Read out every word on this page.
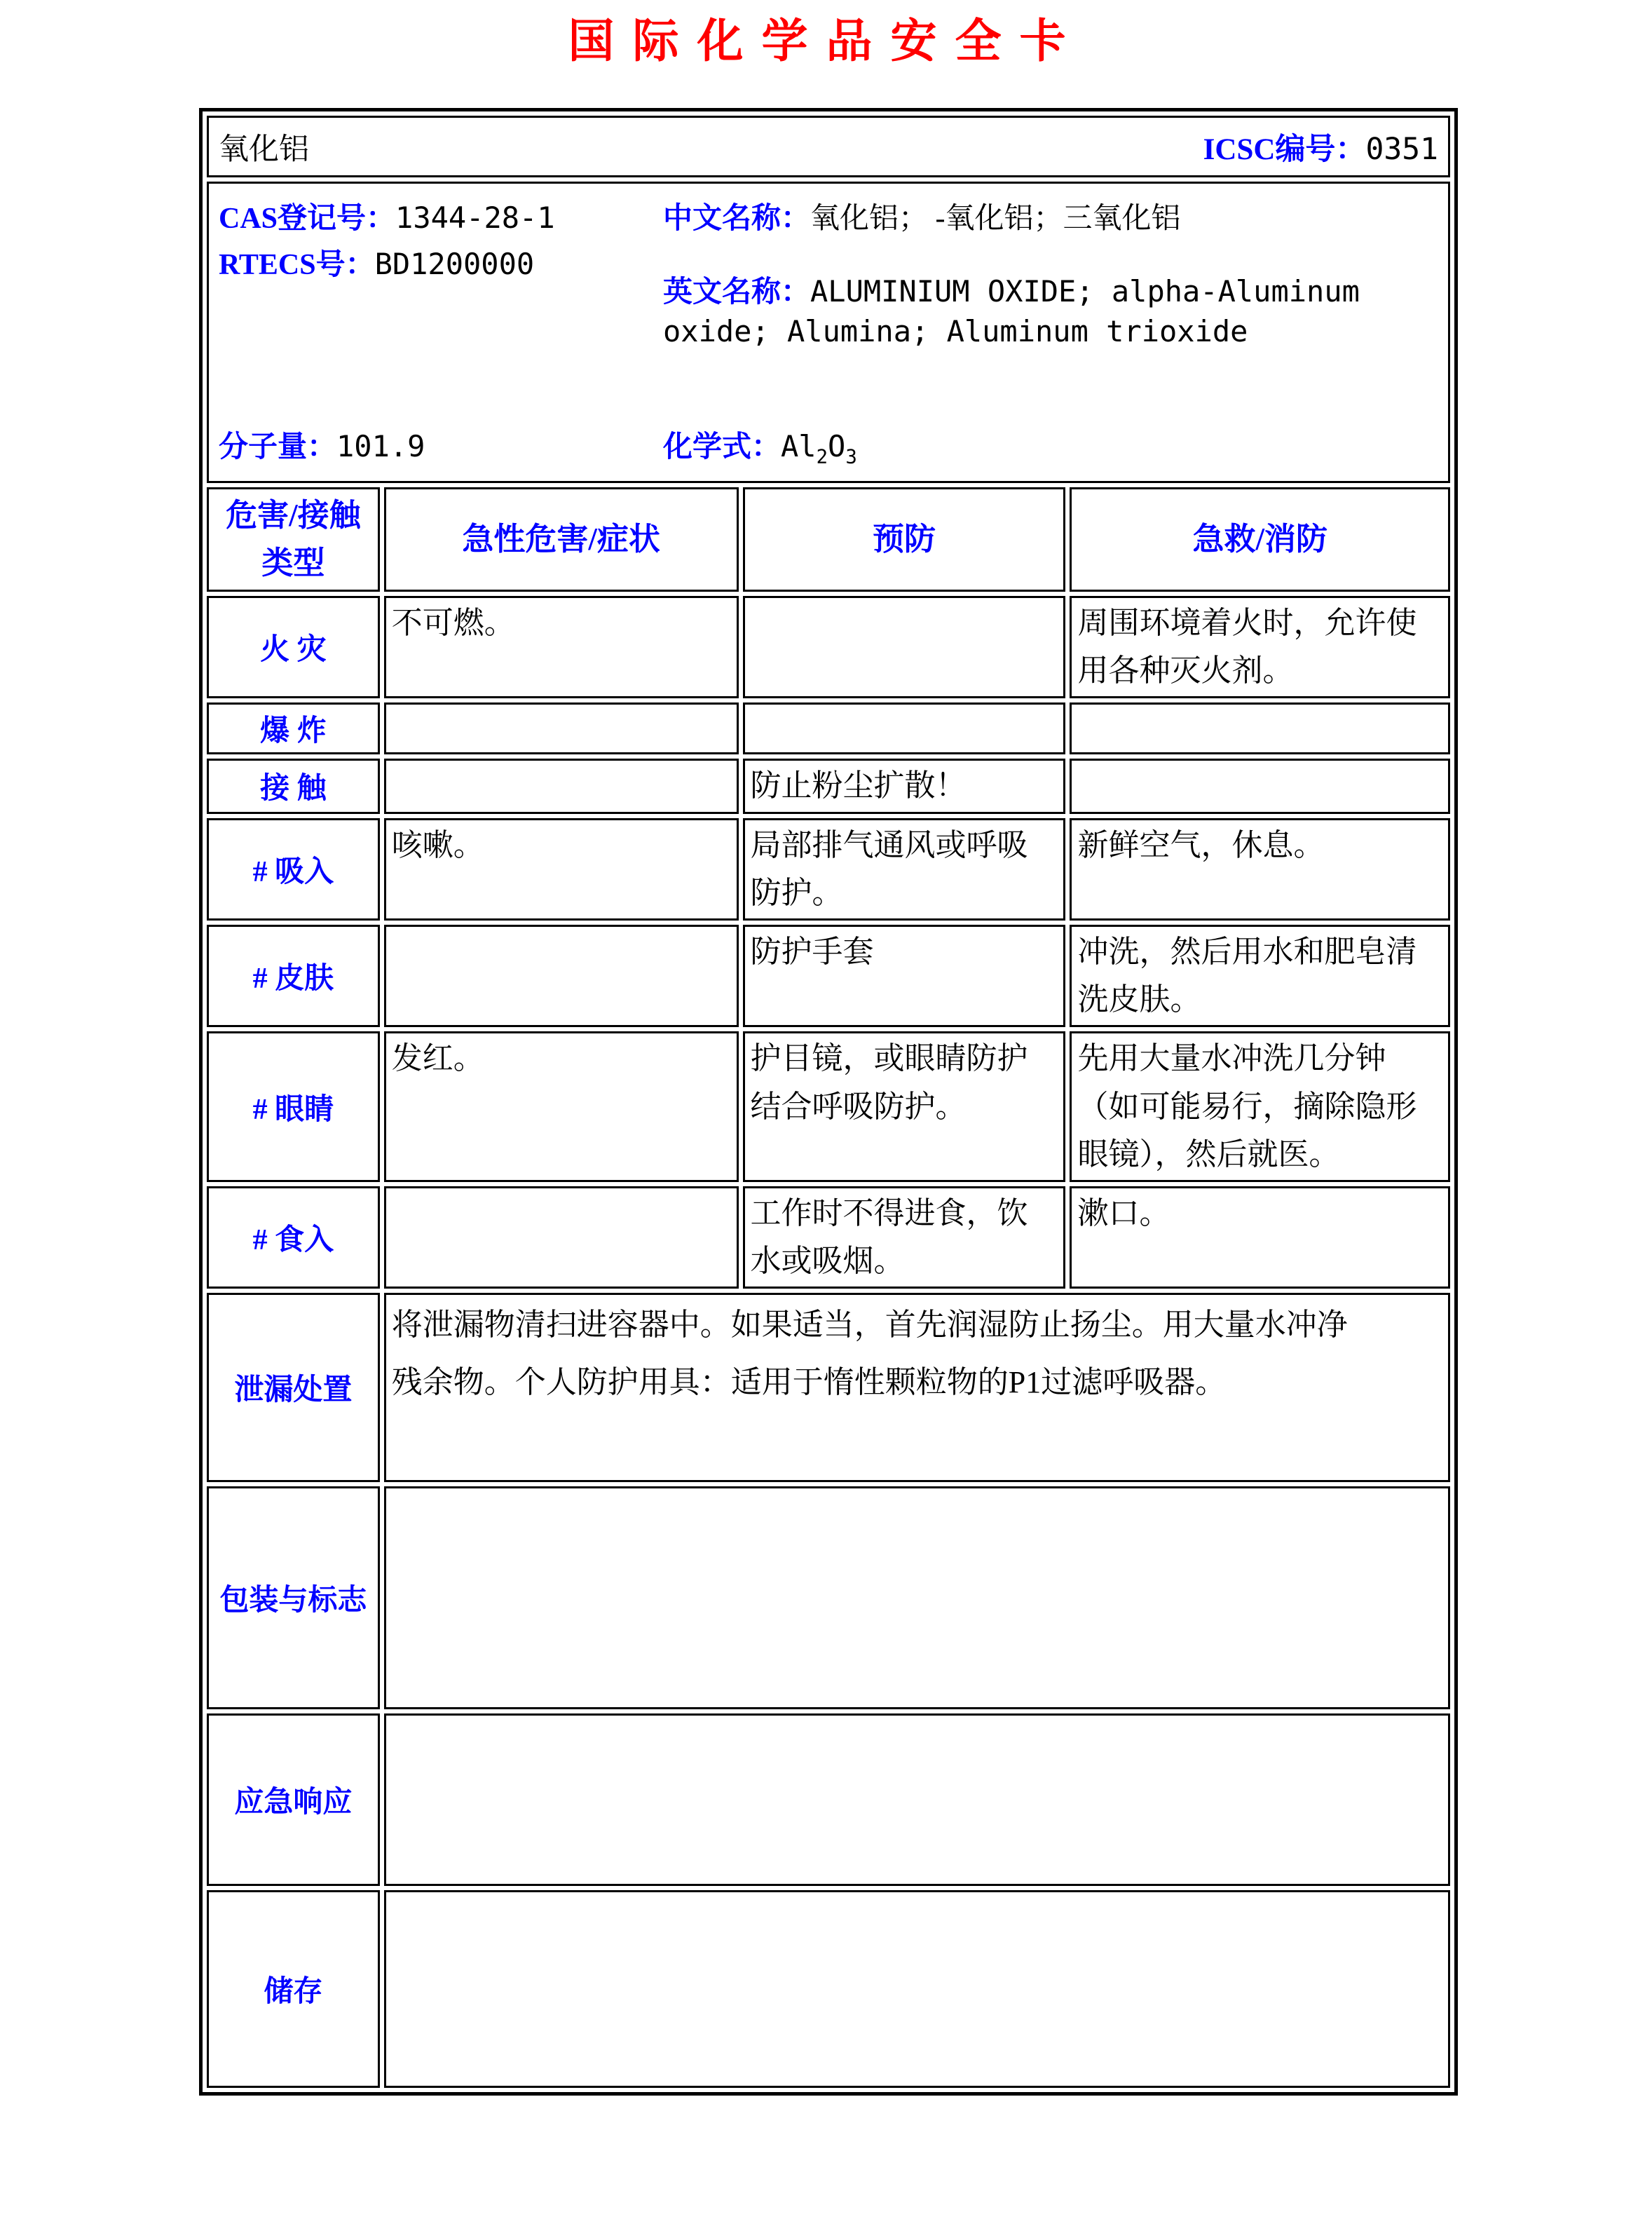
国际化学品安全卡
氧化铝 ICSC编号：0351			

CAS登记号：1344-28-1
RTECS号：BD1200000
中文名称：氧化铝； -氧化铝；三氧化铝
英文名称：ALUMINIUM OXIDE; alpha-Aluminum oxide; Alumina; Aluminum trioxide
分子量：101.9	化学式：$Al_2O_3$

危害/接触类型	急性危害/症状	预防	急救/消防
火 灾	不可燃。		周围环境着火时，允许使用各种灭火剂。
爆 炸			
接 触		防止粉尘扩散！	
# 吸入	咳嗽。	局部排气通风或呼吸防护。	新鲜空气，休息。
# 皮肤		防护手套	冲洗，然后用水和肥皂清洗皮肤。
# 眼睛	发红。	护目镜，或眼睛防护结合呼吸防护。	先用大量水冲洗几分钟（如可能易行，摘除隐形眼镜），然后就医。
# 食入		工作时不得进食，饮水或吸烟。	漱口。
泄漏处置	将泄漏物清扫进容器中。如果适当，首先润湿防止扬尘。用大量水冲净残余物。个人防护用具：适用于惰性颗粒物的P1过滤呼吸器。		

包装与标志			

应急响应			

储存			
